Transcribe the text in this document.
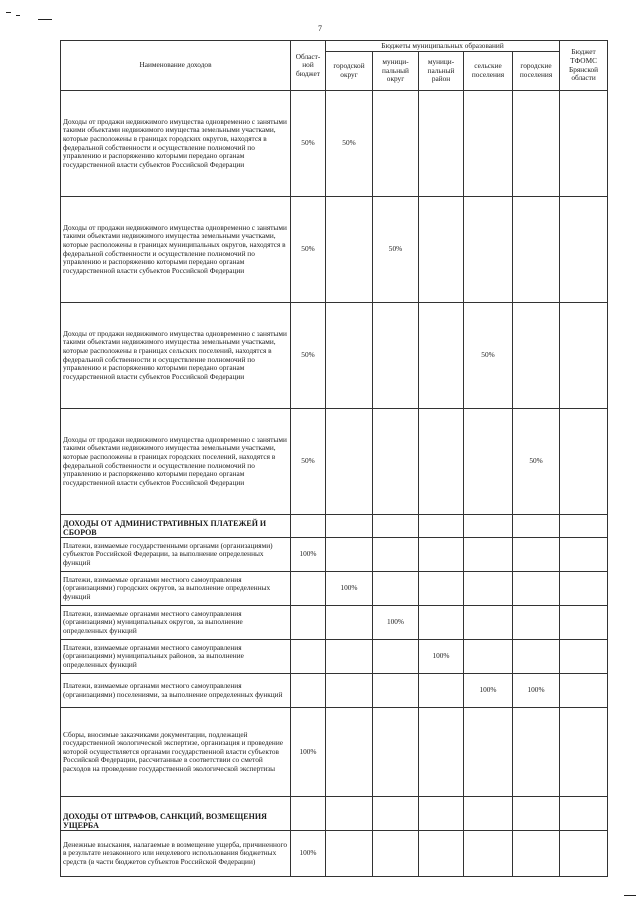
7
Наименование доходов	Област-ной бюджет	Бюджеты муниципальных образований					Бюджет ТФОМС Брянской области
		городской округ	муници-пальный округ	муници-пальный район	сельские поселения	городские поселения	
Доходы от продажи недвижимого имущества одновременно с занятыми такими объектами недвижимого имущества земельными участками, которые расположены в границах городских округов, находятся в федеральной собственности и осуществление полномочий по управлению и распоряжению которыми передано органам государственной власти субъектов Российской Федерации	50%	50%					
Доходы от продажи недвижимого имущества одновременно с занятыми такими объектами недвижимого имущества земельными участками, которые расположены в границах муниципальных округов, находятся в федеральной собственности и осуществление полномочий по управлению и распоряжению которыми передано органам государственной власти субъектов Российской Федерации	50%		50%				
Доходы от продажи недвижимого имущества одновременно с занятыми такими объектами недвижимого имущества земельными участками, которые расположены в границах сельских поселений, находятся в федеральной собственности и осуществление полномочий по управлению и распоряжению которыми передано органам государственной власти субъектов Российской Федерации	50%				50%		
Доходы от продажи недвижимого имущества одновременно с занятыми такими объектами недвижимого имущества земельными участками, которые расположены в границах городских поселений, находятся в федеральной собственности и осуществление полномочий по управлению и распоряжению которыми передано органам государственной власти субъектов Российской Федерации	50%					50%	
ДОХОДЫ ОТ АДМИНИСТРАТИВНЫХ ПЛАТЕЖЕЙ И СБОРОВ							
Платежи, взимаемые государственными органами (организациями) субъектов Российской Федерации, за выполнение определенных функций	100%						
Платежи, взимаемые органами местного самоуправления (организациями) городских округов, за выполнение определенных функций		100%					
Платежи, взимаемые органами местного самоуправления (организациями) муниципальных округов, за выполнение определенных функций			100%				
Платежи, взимаемые органами местного самоуправления (организациями) муниципальных районов, за выполнение определенных функций				100%			
Платежи, взимаемые органами местного самоуправления (организациями) поселениями, за выполнение определенных функций					100%	100%	
Сборы, вносимые заказчиками документации, подлежащей государственной экологической экспертизе, организация и проведение которой осуществляется органами государственной власти субъектов Российской Федерации, рассчитанные в соответствии со сметой расходов на проведение государственной экологической экспертизы	100%						
ДОХОДЫ ОТ ШТРАФОВ, САНКЦИЙ, ВОЗМЕЩЕНИЯ УЩЕРБА							
Денежные взыскания, налагаемые в возмещение ущерба, причиненного в результате незаконного или нецелевого использования бюджетных средств (в части бюджетов субъектов Российской Федерации)	100%						
